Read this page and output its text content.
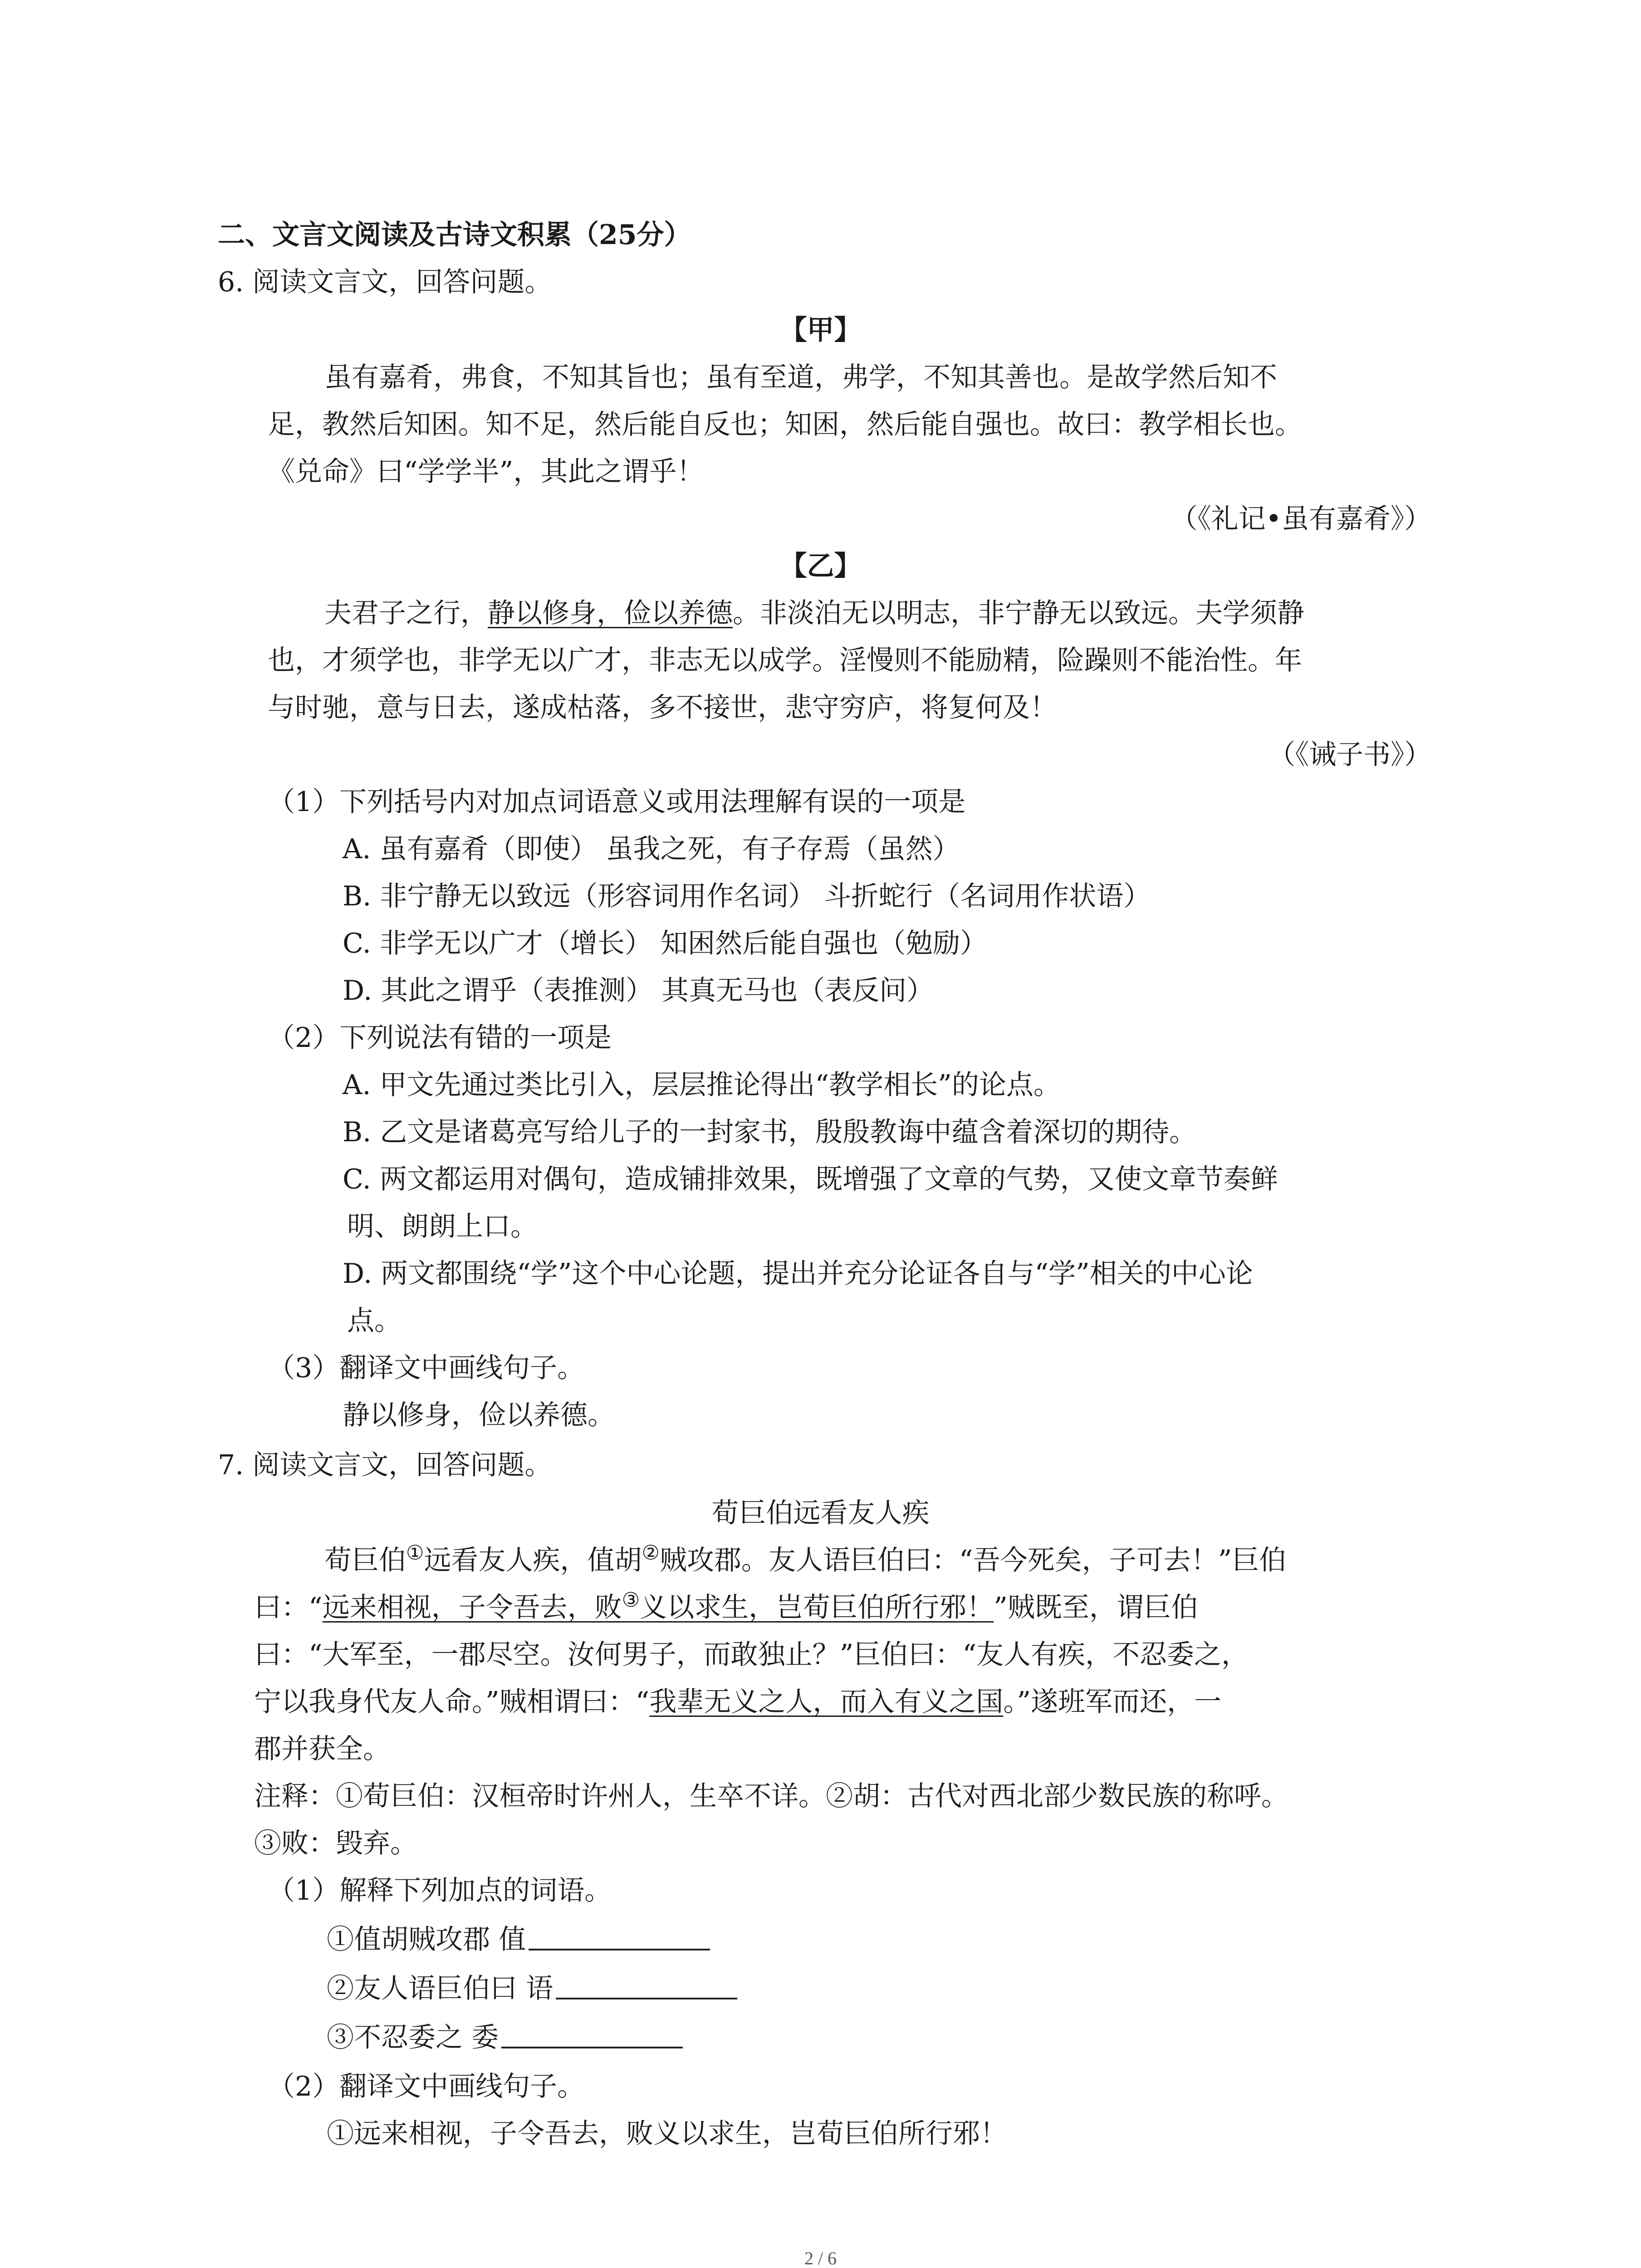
二、文言文阅读及古诗文积累（25分）
6. 阅读文言文，回答问题。
【甲】
虽有嘉肴，弗食，不知其旨也；虽有至道，弗学，不知其善也。是故学然后知不
足，教然后知困。知不足，然后能自反也；知困，然后能自强也。故曰：教学相长也。
《兑命》曰“学学半”，其此之谓乎！
（《礼记•虽有嘉肴》）
【乙】
夫君子之行，静以修身，俭以养德。非淡泊无以明志，非宁静无以致远。夫学须静
也，才须学也，非学无以广才，非志无以成学。淫慢则不能励精，险躁则不能治性。年
与时驰，意与日去，遂成枯落，多不接世，悲守穷庐，将复何及！
（《诫子书》）
（1）下列括号内对加点词语意义或用法理解有误的一项是
A. 虽有嘉肴（即使） 虽我之死，有子存焉（虽然）
B. 非宁静无以致远（形容词用作名词） 斗折蛇行（名词用作状语）
C. 非学无以广才（增长） 知困然后能自强也（勉励）
D. 其此之谓乎（表推测） 其真无马也（表反问）
（2）下列说法有错的一项是
A. 甲文先通过类比引入，层层推论得出“教学相长”的论点。
B. 乙文是诸葛亮写给儿子的一封家书，殷殷教诲中蕴含着深切的期待。
C. 两文都运用对偶句，造成铺排效果，既增强了文章的气势，又使文章节奏鲜
明、朗朗上口。
D. 两文都围绕“学”这个中心论题，提出并充分论证各自与“学”相关的中心论
点。
（3）翻译文中画线句子。
静以修身，俭以养德。
7. 阅读文言文，回答问题。
荀巨伯远看友人疾
荀巨伯①远看友人疾，值胡②贼攻郡。友人语巨伯曰：“吾今死矣，子可去！”巨伯
曰：“远来相视，子令吾去，败③义以求生，岂荀巨伯所行邪！”贼既至，谓巨伯
曰：“大军至，一郡尽空。汝何男子，而敢独止？”巨伯曰：“友人有疾，不忍委之，
宁以我身代友人命。”贼相谓曰：“我辈无义之人，而入有义之国。”遂班军而还，一
郡并获全。
注释：①荀巨伯：汉桓帝时许州人，生卒不详。②胡：古代对西北部少数民族的称呼。
③败：毁弃。
（1）解释下列加点的词语。
①值胡贼攻郡 值
②友人语巨伯曰 语
③不忍委之 委
（2）翻译文中画线句子。
①远来相视，子令吾去，败义以求生，岂荀巨伯所行邪！
2 / 6
